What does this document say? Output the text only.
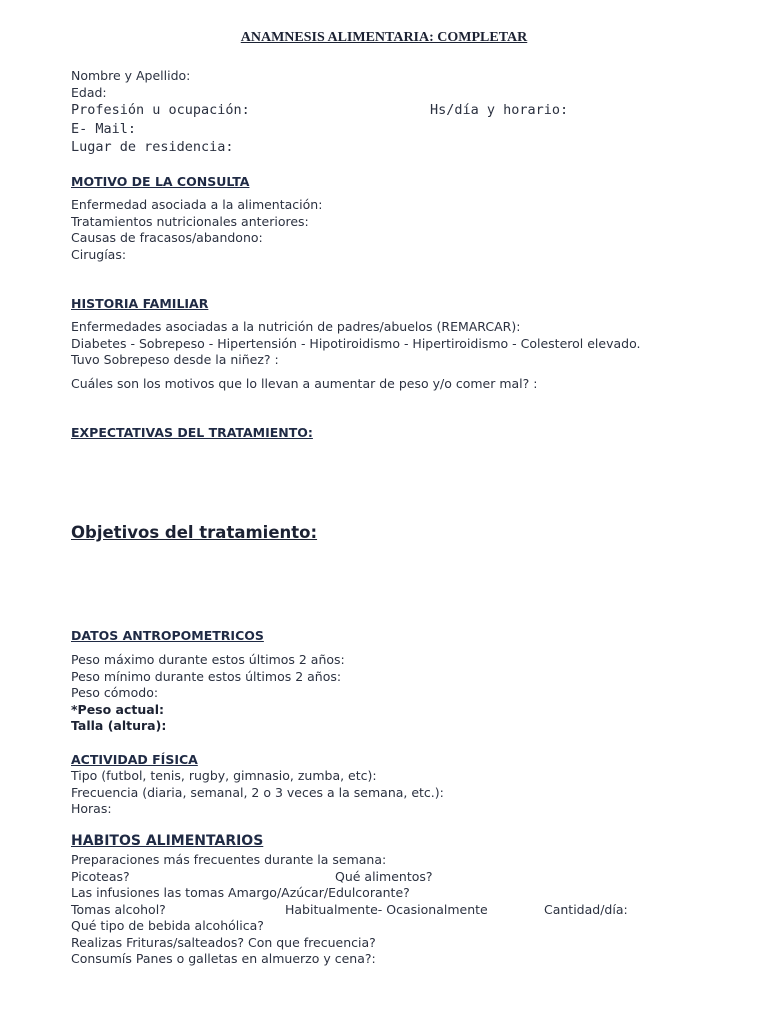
ANAMNESIS ALIMENTARIA: COMPLETAR
Nombre y Apellido:
Edad:
Profesión u ocupación:	Hs/día y horario:
E- Mail:
Lugar de residencia:
MOTIVO DE LA CONSULTA
Enfermedad asociada a la alimentación:
Tratamientos nutricionales anteriores:
Causas de fracasos/abandono:
Cirugías:
HISTORIA FAMILIAR
Enfermedades asociadas a la nutrición de padres/abuelos (REMARCAR):
Diabetes - Sobrepeso - Hipertensión - Hipotiroidismo - Hipertiroidismo - Colesterol elevado.
Tuvo Sobrepeso desde la niñez? :
Cuáles son los motivos que lo llevan a aumentar de peso y/o comer mal? :
EXPECTATIVAS DEL TRATAMIENTO:
Objetivos del tratamiento:
DATOS ANTROPOMETRICOS
Peso máximo durante estos últimos 2 años:
Peso mínimo durante estos últimos 2 años:
Peso cómodo:
*Peso actual:
Talla (altura):
ACTIVIDAD FÍSICA
Tipo (futbol, tenis, rugby, gimnasio, zumba, etc):
Frecuencia (diaria, semanal, 2 o 3 veces a la semana, etc.):
Horas:
HABITOS ALIMENTARIOS
Preparaciones más frecuentes durante la semana:
Picoteas?	Qué alimentos?
Las infusiones las tomas Amargo/Azúcar/Edulcorante?
Tomas alcohol?	Habitualmente- Ocasionalmente	Cantidad/día:
Qué tipo de bebida alcohólica?
Realizas Frituras/salteados? Con que frecuencia?
Consumís Panes o galletas en almuerzo y cena?:
